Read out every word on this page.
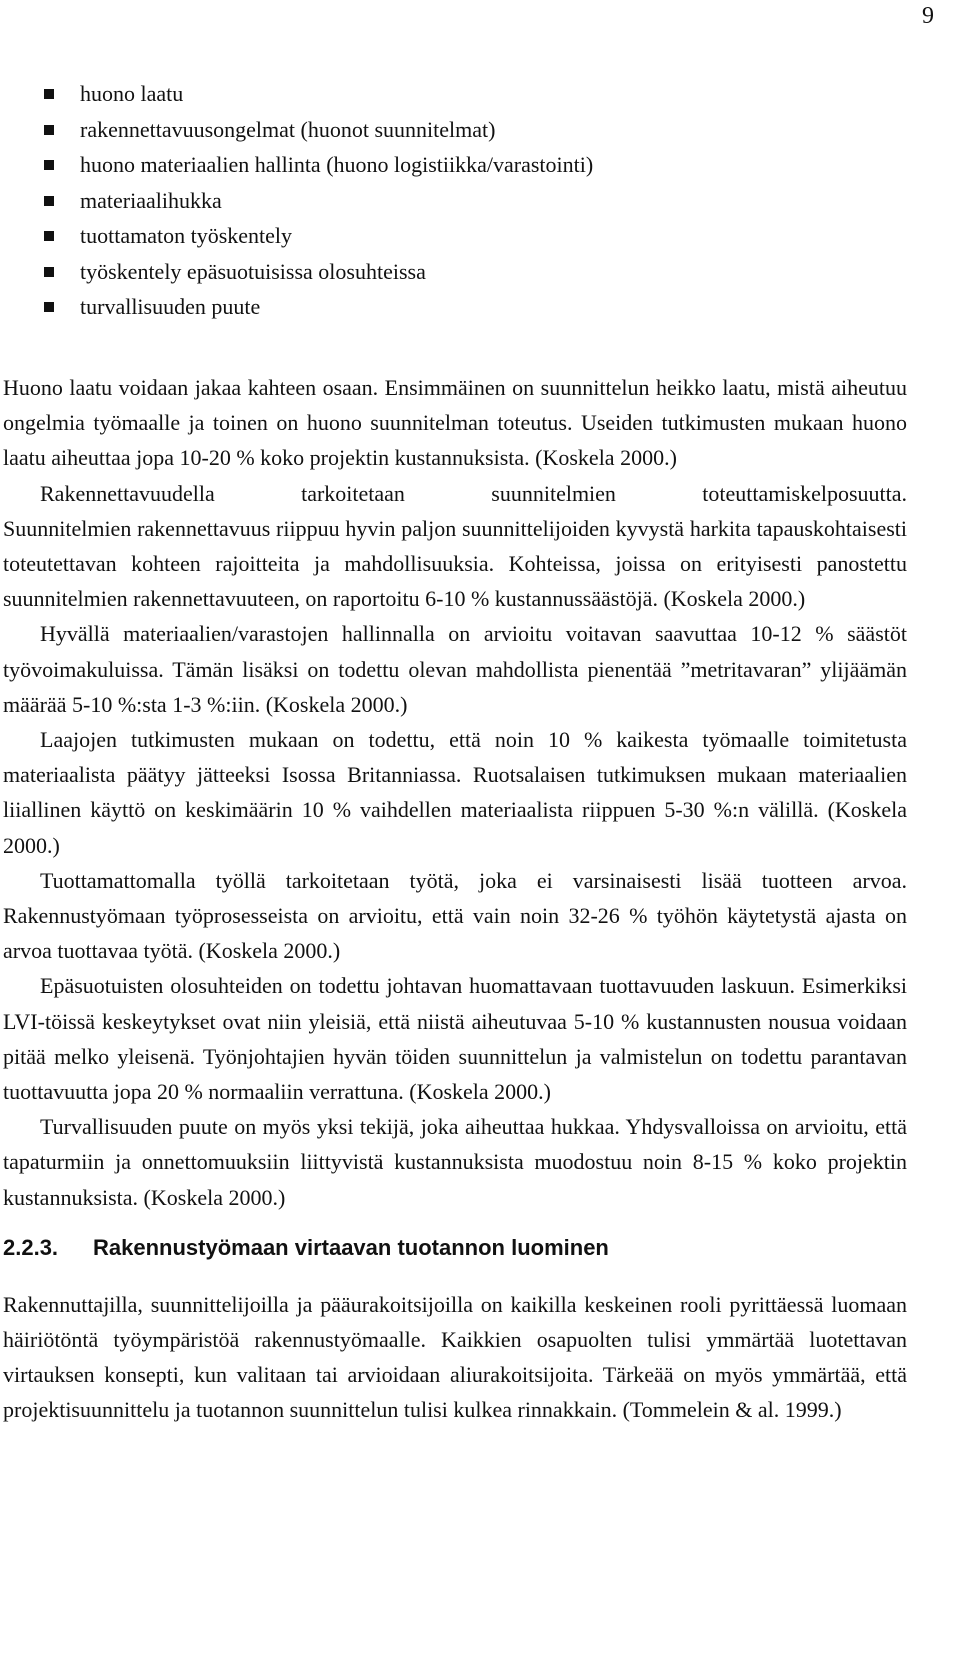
9
huono laatu
rakennettavuusongelmat (huonot suunnitelmat)
huono materiaalien hallinta (huono logistiikka/varastointi)
materiaalihukka
tuottamaton työskentely
työskentely epäsuotuisissa olosuhteissa
turvallisuuden puute

Huono laatu voidaan jakaa kahteen osaan. Ensimmäinen on suunnittelun heikko laatu, mistä aiheutuu ongelmia työmaalle ja toinen on huono suunnitelman toteutus. Useiden tutkimusten mukaan huono laatu aiheuttaa jopa 10-20 % koko projektin kustannuksista. (Koskela 2000.)

Rakennettavuudella tarkoitetaan suunnitelmien toteuttamiskelposuutta.

Suunnitelmien rakennettavuus riippuu hyvin paljon suunnittelijoiden kyvystä harkita tapauskohtaisesti toteutettavan kohteen rajoitteita ja mahdollisuuksia. Kohteissa, joissa on erityisesti panostettu suunnitelmien rakennettavuuteen, on raportoitu 6-10 % kustannussäästöjä. (Koskela 2000.)

Hyvällä materiaalien/varastojen hallinnalla on arvioitu voitavan saavuttaa 10-12 % säästöt työvoimakuluissa. Tämän lisäksi on todettu olevan mahdollista pienentää ”metritavaran” ylijäämän määrää 5-10 %:sta 1-3 %:iin. (Koskela 2000.)

Laajojen tutkimusten mukaan on todettu, että noin 10 % kaikesta työmaalle toimitetusta materiaalista päätyy jätteeksi Isossa Britanniassa. Ruotsalaisen tutkimuksen mukaan materiaalien liiallinen käyttö on keskimäärin 10 % vaihdellen materiaalista riippuen 5-30 %:n välillä. (Koskela 2000.)

Tuottamattomalla työllä tarkoitetaan työtä, joka ei varsinaisesti lisää tuotteen arvoa. Rakennustyömaan työprosesseista on arvioitu, että vain noin 32-26 % työhön käytetystä ajasta on arvoa tuottavaa työtä. (Koskela 2000.)

Epäsuotuisten olosuhteiden on todettu johtavan huomattavaan tuottavuuden laskuun. Esimerkiksi LVI-töissä keskeytykset ovat niin yleisiä, että niistä aiheutuvaa 5-10 % kustannusten nousua voidaan pitää melko yleisenä. Työnjohtajien hyvän töiden suunnittelun ja valmistelun on todettu parantavan tuottavuutta jopa 20 % normaaliin verrattuna. (Koskela 2000.)

Turvallisuuden puute on myös yksi tekijä, joka aiheuttaa hukkaa. Yhdysvalloissa on arvioitu, että tapaturmiin ja onnettomuuksiin liittyvistä kustannuksista muodostuu noin 8-15 % koko projektin kustannuksista. (Koskela 2000.)

2.2.3.	Rakennustyömaan virtaavan tuotannon luominen

Rakennuttajilla, suunnittelijoilla ja pääurakoitsijoilla on kaikilla keskeinen rooli pyrittäessä luomaan häiriötöntä työympäristöä rakennustyömaalle. Kaikkien osapuolten tulisi ymmärtää luotettavan virtauksen konsepti, kun valitaan tai arvioidaan aliurakoitsijoita. Tärkeää on myös ymmärtää, että projektisuunnittelu ja tuotannon suunnittelun tulisi kulkea rinnakkain. (Tommelein & al. 1999.)
